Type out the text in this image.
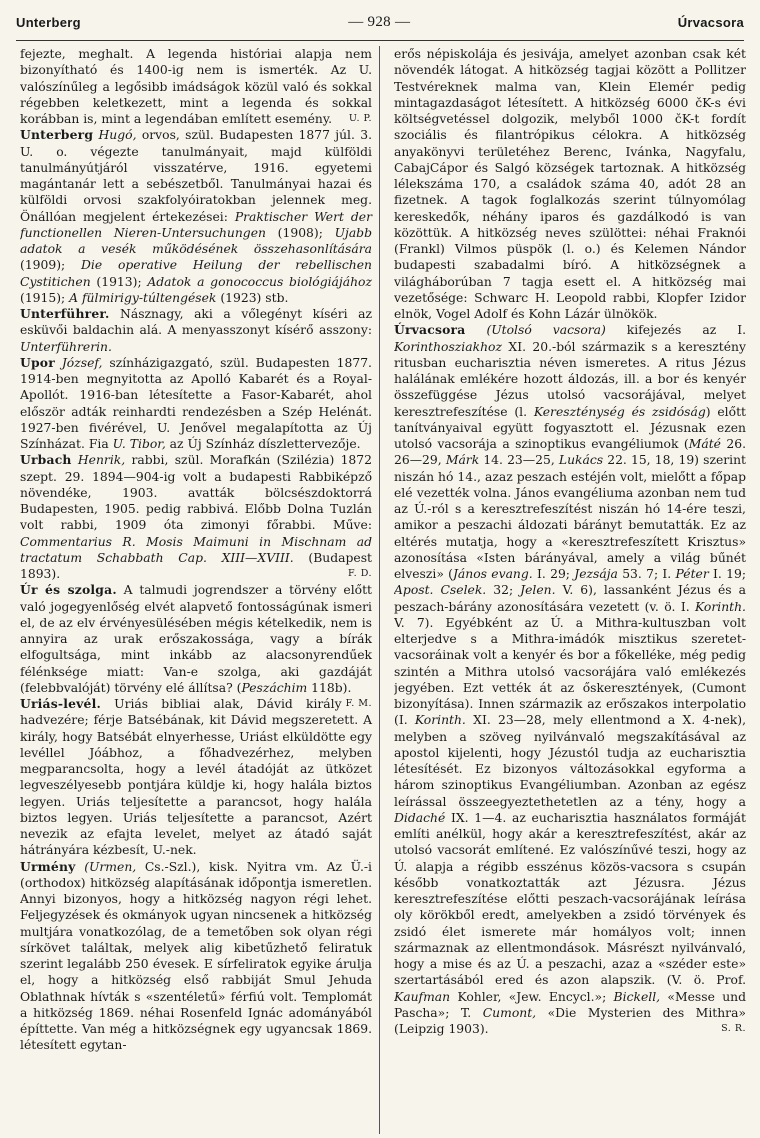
Unterberg	— 928 —	Úrvacsora

fejezte, meghalt. A legenda históriai alapja nem bizonyítható és 1400-ig nem is ismerték. Az U. valószínűleg a legősibb imádságok közül való és sokkal régebben keletkezett, mint a legenda és sokkal korábban is, mint a legendában említett esemény. U. P.

Unterberg Hugó, orvos, szül. Budapesten 1877 júl. 3. U. o. végezte tanulmányait, majd külföldi tanulmányútjáról visszatérve, 1916. egyetemi magántanár lett a sebészetből. Tanulmányai hazai és külföldi orvosi szakfolyóiratokban jelennek meg. Önállóan megjelent értekezései: Praktischer Wert der functionellen Nieren-Untersuchungen (1908); Ujabb adatok a vesék működésének összehasonlítására (1909); Die operative Heilung der rebellischen Cystitichen (1913); Adatok a gonococcus biológiájához (1915); A fülmirigy-túltengések (1923) stb.

Unterführer. Násznagy, aki a vőlegényt kíséri az esküvői baldachin alá. A menyasszonyt kísérő asszony: Unterführerin.

Upor József, színházigazgató, szül. Budapesten 1877. 1914-ben megnyitotta az Apolló Kabarét és a Royal-Apollót. 1916-ban létesítette a Fasor-Kabarét, ahol először adták reinhardti rendezésben a Szép Helénát. 1927-ben fivérével, U. Jenővel megalapította az Új Színházat. Fia U. Tibor, az Új Színház díszlettervezője.

Urbach Henrik, rabbi, szül. Morafkán (Szilézia) 1872 szept. 29. 1894—904-ig volt a budapesti Rabbiképző növendéke, 1903. avatták bölcsészdoktorrá Budapesten, 1905. pedig rabbivá. Előbb Dolna Tuzlán volt rabbi, 1909 óta zimonyi főrabbi. Műve: Commentarius R. Mosis Maimuni in Mischnam ad tractatum Schabbath Cap. XIII—XVIII. (Budapest 1893).	F. D.

Úr és szolga. A talmudi jogrendszer a törvény előtt való jogegyenlőség elvét alapvető fontosságúnak ismeri el, de az elv érvényesülésében mégis kételkedik, nem is annyira az urak erőszakossága, vagy a bírák elfogultsága, mint inkább az alacsonyrendűek félénksége miatt: Van-e szolga, aki gazdáját (felebbvalóját) törvény elé állítsa? (Peszáchim 118b).
F. M.

Uriás-levél. Uriás bibliai alak, Dávid király hadvezére; férje Batsébának, kit Dávid megszeretett. A király, hogy Batsébát elnyerhesse, Uriást elküldötte egy levéllel Jóábhoz, a főhadvezérhez, melyben megparancsolta, hogy a levél átadóját az ütközet legveszélyesebb pontjára küldje ki, hogy halála biztos legyen. Uriás teljesítette a parancsot, hogy halála biztos legyen. Uriás teljesítette a parancsot, Azért nevezik az efajta levelet, melyet az átadó saját hátrányára kézbesít, U.-nek.

Urmény (Urmen, Cs.-Szl.), kisk. Nyitra vm. Az Ü.-i (orthodox) hitközség alapításának időpontja ismeretlen. Annyi bizonyos, hogy a hitközség nagyon régi lehet. Feljegyzések és okmányok ugyan nincsenek a hitközség multjára vonatkozólag, de a temetőben sok olyan régi sírkövet találtak, melyek alig kibetűzhető feliratuk szerint legalább 250 évesek. E sírfeliratok egyike árulja el, hogy a hitközség első rabbiját Smul Jehuda Oblathnak hívták s «szentéletű» férfiú volt. Templomát a hitközség 1869. néhai Rosenfeld Ignác adományából építtette. Van még a hitközségnek egy ugyancsak 1869. létesített egytan-

erős népiskolája és jesivája, amelyet azonban csak két növendék látogat. A hitközség tagjai között a Pollitzer Testvéreknek malma van, Klein Elemér pedig mintagazdaságot létesített. A hitközség 6000 čK-s évi költségvetéssel dolgozik, melyből 1000 čK-t fordít szociális és filantrópikus célokra. A hitközség anyakönyvi területéhez Berenc, Ivánka, Nagyfalu, CabajCápor és Salgó községek tartoznak. A hitközség lélekszáma 170, a családok száma 40, adót 28 an fizetnek. A tagok foglalkozás szerint túlnyomólag kereskedők, néhány iparos és gazdálkodó is van közöttük. A hitközség neves szülöttei: néhai Fraknói (Frankl) Vilmos püspök (l. o.) és Kelemen Nándor budapesti szabadalmi bíró. A hitközségnek a világháborúban 7 tagja esett el. A hitközség mai vezetősége: Schwarc H. Leopold rabbi, Klopfer Izidor elnök, Vogel Adolf és Kohn Lázár ülnökök.

Úrvacsora (Utolsó vacsora) kifejezés az I. Korinthosziakhoz XI. 20.-ból származik s a keresztény ritusban eucharisztia néven ismeretes. A ritus Jézus halálának emlékére hozott áldozás, ill. a bor és kenyér összefüggése Jézus utolsó vacsorájával, melyet keresztrefeszítése (l. Kereszténység és zsidóság) előtt tanítványaival együtt fogyasztott el. Jézusnak ezen utolsó vacsorája a szinoptikus evangéliumok (Máté 26. 26—29, Márk 14. 23—25, Lukács 22. 15, 18, 19) szerint niszán hó 14., azaz peszach estéjén volt, mielőtt a főpap elé vezették volna. János evangéliuma azonban nem tud az Ú.-ról s a keresztrefeszítést niszán hó 14-ére teszi, amikor a peszachi áldozati bárányt bemutatták. Ez az eltérés mutatja, hogy a «keresztrefeszített Krisztus» azonosítása «Isten bárányával, amely a világ bűnét elveszi» (János evang. I. 29; Jezsája 53. 7; I. Péter I. 19; Apost. Cselek. 32; Jelen. V. 6), lassanként Jézus és a peszach-bárány azonosítására vezetett (v. ö. I. Korinth. V. 7). Egyébként az Ú. a Mithra-kultuszban volt elterjedve s a Mithra-imádók misztikus szeretet-vacsoráinak volt a kenyér és bor a főkelléke, még pedig szintén a Mithra utolsó vacsorájára való emlékezés jegyében. Ezt vették át az őskeresztények, (Cumont bizonyítása). Innen származik az erőszakos interpolatio (I. Korinth. XI. 23—28, mely ellentmond a X. 4-nek), melyben a szöveg nyilvánvaló megszakításával az apostol kijelenti, hogy Jézustól tudja az eucharisztia létesítését. Ez bizonyos változásokkal egyforma a három szinoptikus Evangéliumban. Azonban az egész leírással összeegyeztethetetlen az a tény, hogy a Didaché IX. 1—4. az eucharisztia használatos formáját említi anélkül, hogy akár a keresztrefeszítést, akár az utolsó vacsorát említené. Ez valószínűvé teszi, hogy az Ú. alapja a régibb esszénus közös-vacsora s csupán később vonatkoztatták azt Jézusra. Jézus keresztrefeszítése előtti peszach-vacsorájának leírása oly körökből eredt, amelyekben a zsidó törvények és zsidó élet ismerete már homályos volt; innen származnak az ellentmondások. Másrészt nyilvánvaló, hogy a mise és az Ú. a peszachi, azaz a «széder este» szertartásából ered és azon alapszik. (V. ö. Prof. Kaufman Kohler, «Jew. Encycl.»; Bickell, «Messe und Pascha»; T. Cumont, «Die Mysterien des Mithra» (Leipzig 1903).	S. R.
